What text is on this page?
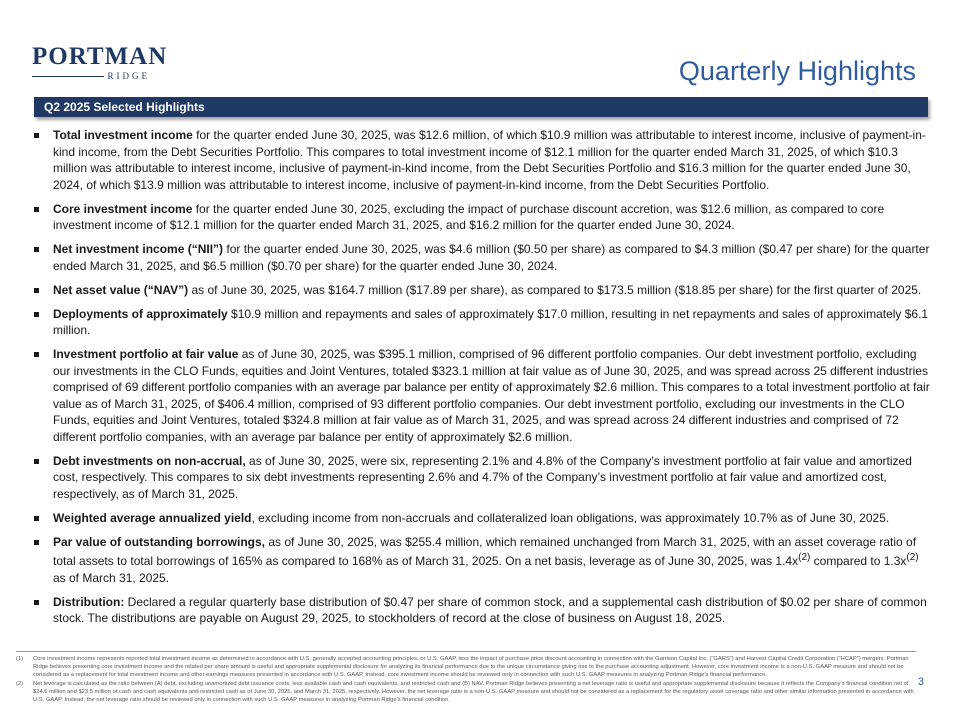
PORTMAN
RIDGE	Quarterly Highlights
Q2 2025 Selected Highlights
Total investment income for the quarter ended June 30, 2025, was $12.6 million, of which $10.9 million was attributable to interest income, inclusive of payment-in-kind income, from the Debt Securities Portfolio. This compares to total investment income of $12.1 million for the quarter ended March 31, 2025, of which $10.3 million was attributable to interest income, inclusive of payment-in-kind income, from the Debt Securities Portfolio and $16.3 million for the quarter ended June 30, 2024, of which $13.9 million was attributable to interest income, inclusive of payment-in-kind income, from the Debt Securities Portfolio.
Core investment income for the quarter ended June 30, 2025, excluding the impact of purchase discount accretion, was $12.6 million, as compared to core investment income of $12.1 million for the quarter ended March 31, 2025, and $16.2 million for the quarter ended June 30, 2024.
Net investment income (“NII”) for the quarter ended June 30, 2025, was $4.6 million ($0.50 per share) as compared to $4.3 million ($0.47 per share) for the quarter ended March 31, 2025, and $6.5 million ($0.70 per share) for the quarter ended June 30, 2024.
Net asset value (“NAV”) as of June 30, 2025, was $164.7 million ($17.89 per share), as compared to $173.5 million ($18.85 per share) for the first quarter of 2025.
Deployments of approximately $10.9 million and repayments and sales of approximately $17.0 million, resulting in net repayments and sales of approximately $6.1 million.
Investment portfolio at fair value as of June 30, 2025, was $395.1 million, comprised of 96 different portfolio companies. Our debt investment portfolio, excluding our investments in the CLO Funds, equities and Joint Ventures, totaled $323.1 million at fair value as of June 30, 2025, and was spread across 25 different industries comprised of 69 different portfolio companies with an average par balance per entity of approximately $2.6 million. This compares to a total investment portfolio at fair value as of March 31, 2025, of $406.4 million, comprised of 93 different portfolio companies. Our debt investment portfolio, excluding our investments in the CLO Funds, equities and Joint Ventures, totaled $324.8 million at fair value as of March 31, 2025, and was spread across 24 different industries and comprised of 72 different portfolio companies, with an average par balance per entity of approximately $2.6 million.
Debt investments on non-accrual, as of June 30, 2025, were six, representing 2.1% and 4.8% of the Company’s investment portfolio at fair value and amortized cost, respectively. This compares to six debt investments representing 2.6% and 4.7% of the Company’s investment portfolio at fair value and amortized cost, respectively, as of March 31, 2025.
Weighted average annualized yield, excluding income from non-accruals and collateralized loan obligations, was approximately 10.7% as of June 30, 2025.
Par value of outstanding borrowings, as of June 30, 2025, was $255.4 million, which remained unchanged from March 31, 2025, with an asset coverage ratio of total assets to total borrowings of 165% as compared to 168% as of March 31, 2025. On a net basis, leverage as of June 30, 2025, was $1.4x^{(2)}$ compared to $1.3x^{(2)}$ as of March 31, 2025.
Distribution: Declared a regular quarterly base distribution of $0.47 per share of common stock, and a supplemental cash distribution of $0.02 per share of common stock. The distributions are payable on August 29, 2025, to stockholders of record at the close of business on August 18, 2025.
(1)	Core investment income represents reported total investment income as determined in accordance with U.S. generally accepted accounting principles, or U.S. GAAP, less the impact of purchase price discount accounting in connection with the Garrison Capital Inc. (“GARS”) and Harvest Capital Credit Corporation (“HCAP”) mergers. Portman Ridge believes presenting core investment income and the related per share amount is useful and appropriate supplemental disclosure for analyzing its financial performance due to the unique circumstance giving rise to the purchase accounting adjustment. However, core investment income is a non-U.S. GAAP measure and should not be considered as a replacement for total investment income and other earnings measures presented in accordance with U.S. GAAP. Instead, core investment income should be reviewed only in connection with such U.S. GAAP measures in analyzing Portman Ridge’s financial performance.
(2)	Net leverage is calculated as the ratio between (A) debt, excluding unamortized debt issuance costs, less available cash and cash equivalents, and restricted cash and (B) NAV. Portman Ridge believes presenting a net leverage ratio is useful and appropriate supplemental disclosure because it reflects the Company’s financial condition net of $24.6 million and $23.5 million of cash and cash equivalents and restricted cash as of June 30, 2025, and March 31, 2025, respectively. However, the net leverage ratio is a non-U.S. GAAP measure and should not be considered as a replacement for the regulatory asset coverage ratio and other similar information presented in accordance with U.S. GAAP. Instead, the net leverage ratio should be reviewed only in connection with such U.S. GAAP measures in analyzing Portman Ridge’s financial condition.
3
